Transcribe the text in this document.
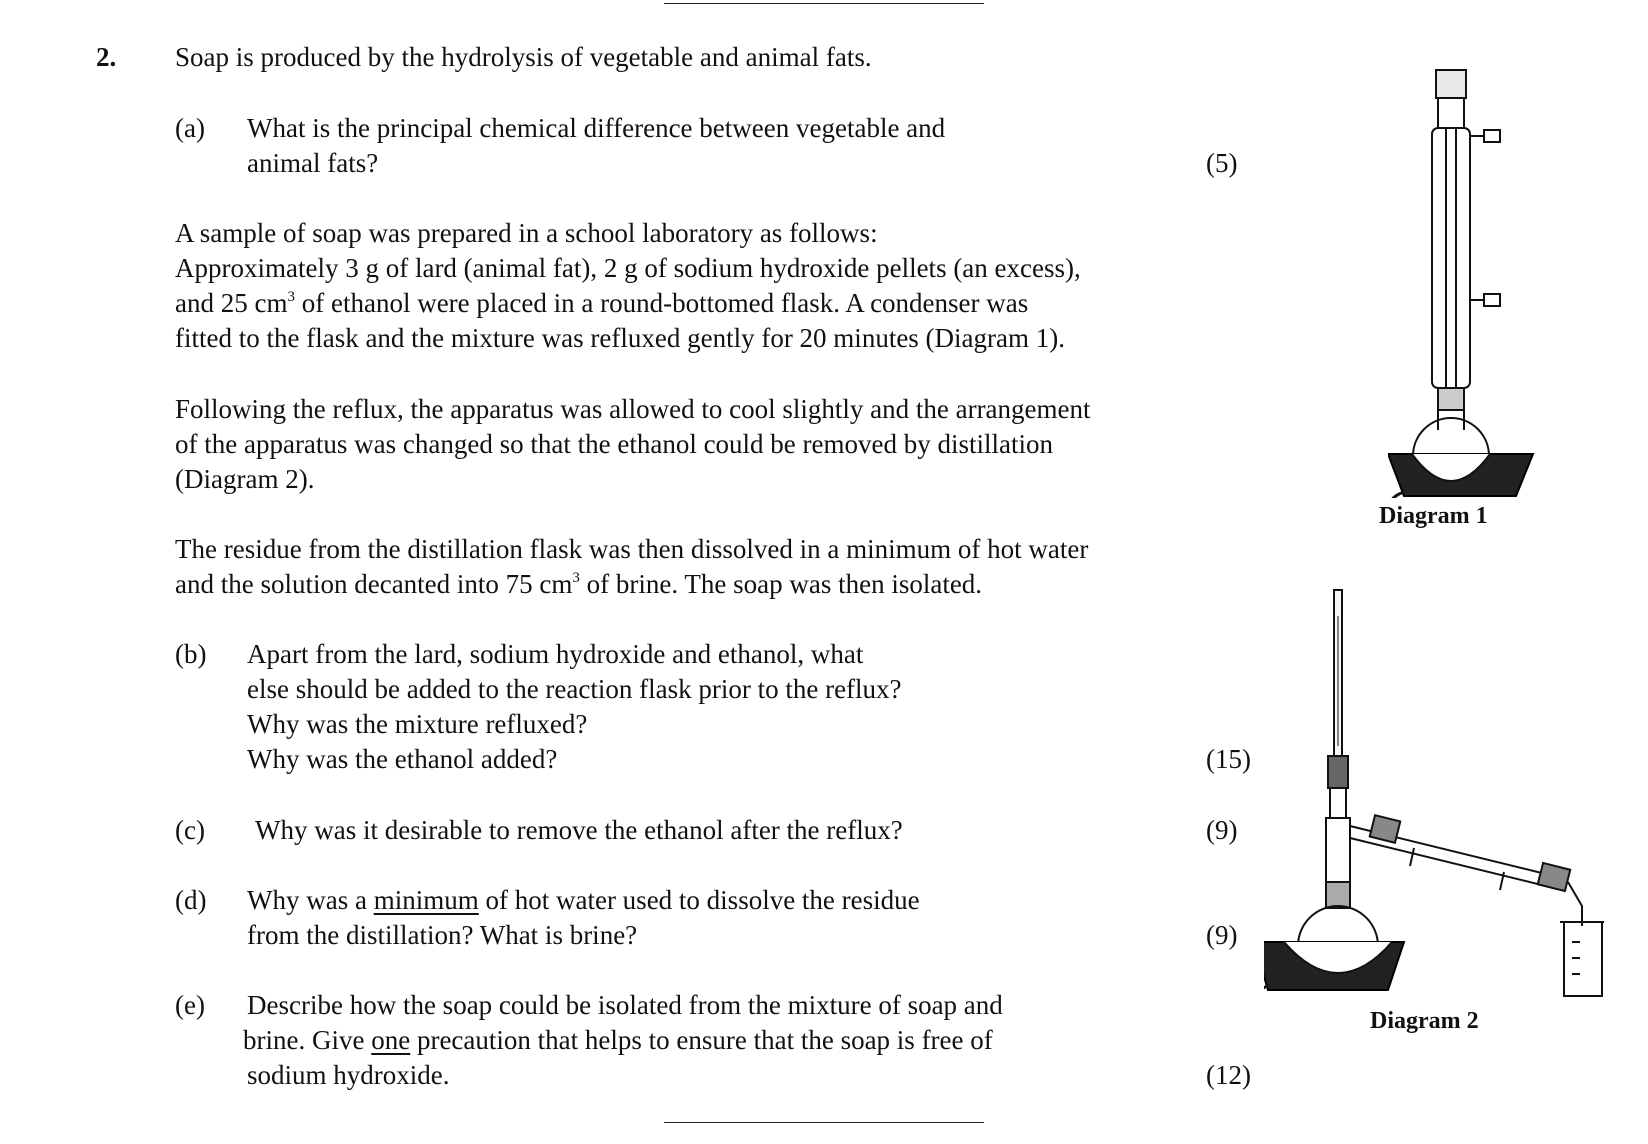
2. Soap is produced by the hydrolysis of vegetable and animal fats.
(a) What is the principal chemical difference between vegetable and
animal fats?	(5)
A sample of soap was prepared in a school laboratory as follows:
Approximately 3 g of lard (animal fat), 2 g of sodium hydroxide pellets (an excess),
and 25 $cm^3$ of ethanol were placed in a round-bottomed flask. A condenser was
fitted to the flask and the mixture was refluxed gently for 20 minutes (Diagram 1).
Following the reflux, the apparatus was allowed to cool slightly and the arrangement
of the apparatus was changed so that the ethanol could be removed by distillation
(Diagram 2).
The residue from the distillation flask was then dissolved in a minimum of hot water
and the solution decanted into 75 $cm^3$ of brine. The soap was then isolated.
(b) Apart from the lard, sodium hydroxide and ethanol, what
else should be added to the reaction flask prior to the reflux?
Why was the mixture refluxed?
Why was the ethanol added?	(15)
(c) Why was it desirable to remove the ethanol after the reflux?	(9)
(d) Why was a minimum of hot water used to dissolve the residue
from the distillation? What is brine?	(9)
(e) Describe how the soap could be isolated from the mixture of soap and
brine. Give one precaution that helps to ensure that the soap is free of
sodium hydroxide.	(12)
Diagram 1
Diagram 2
